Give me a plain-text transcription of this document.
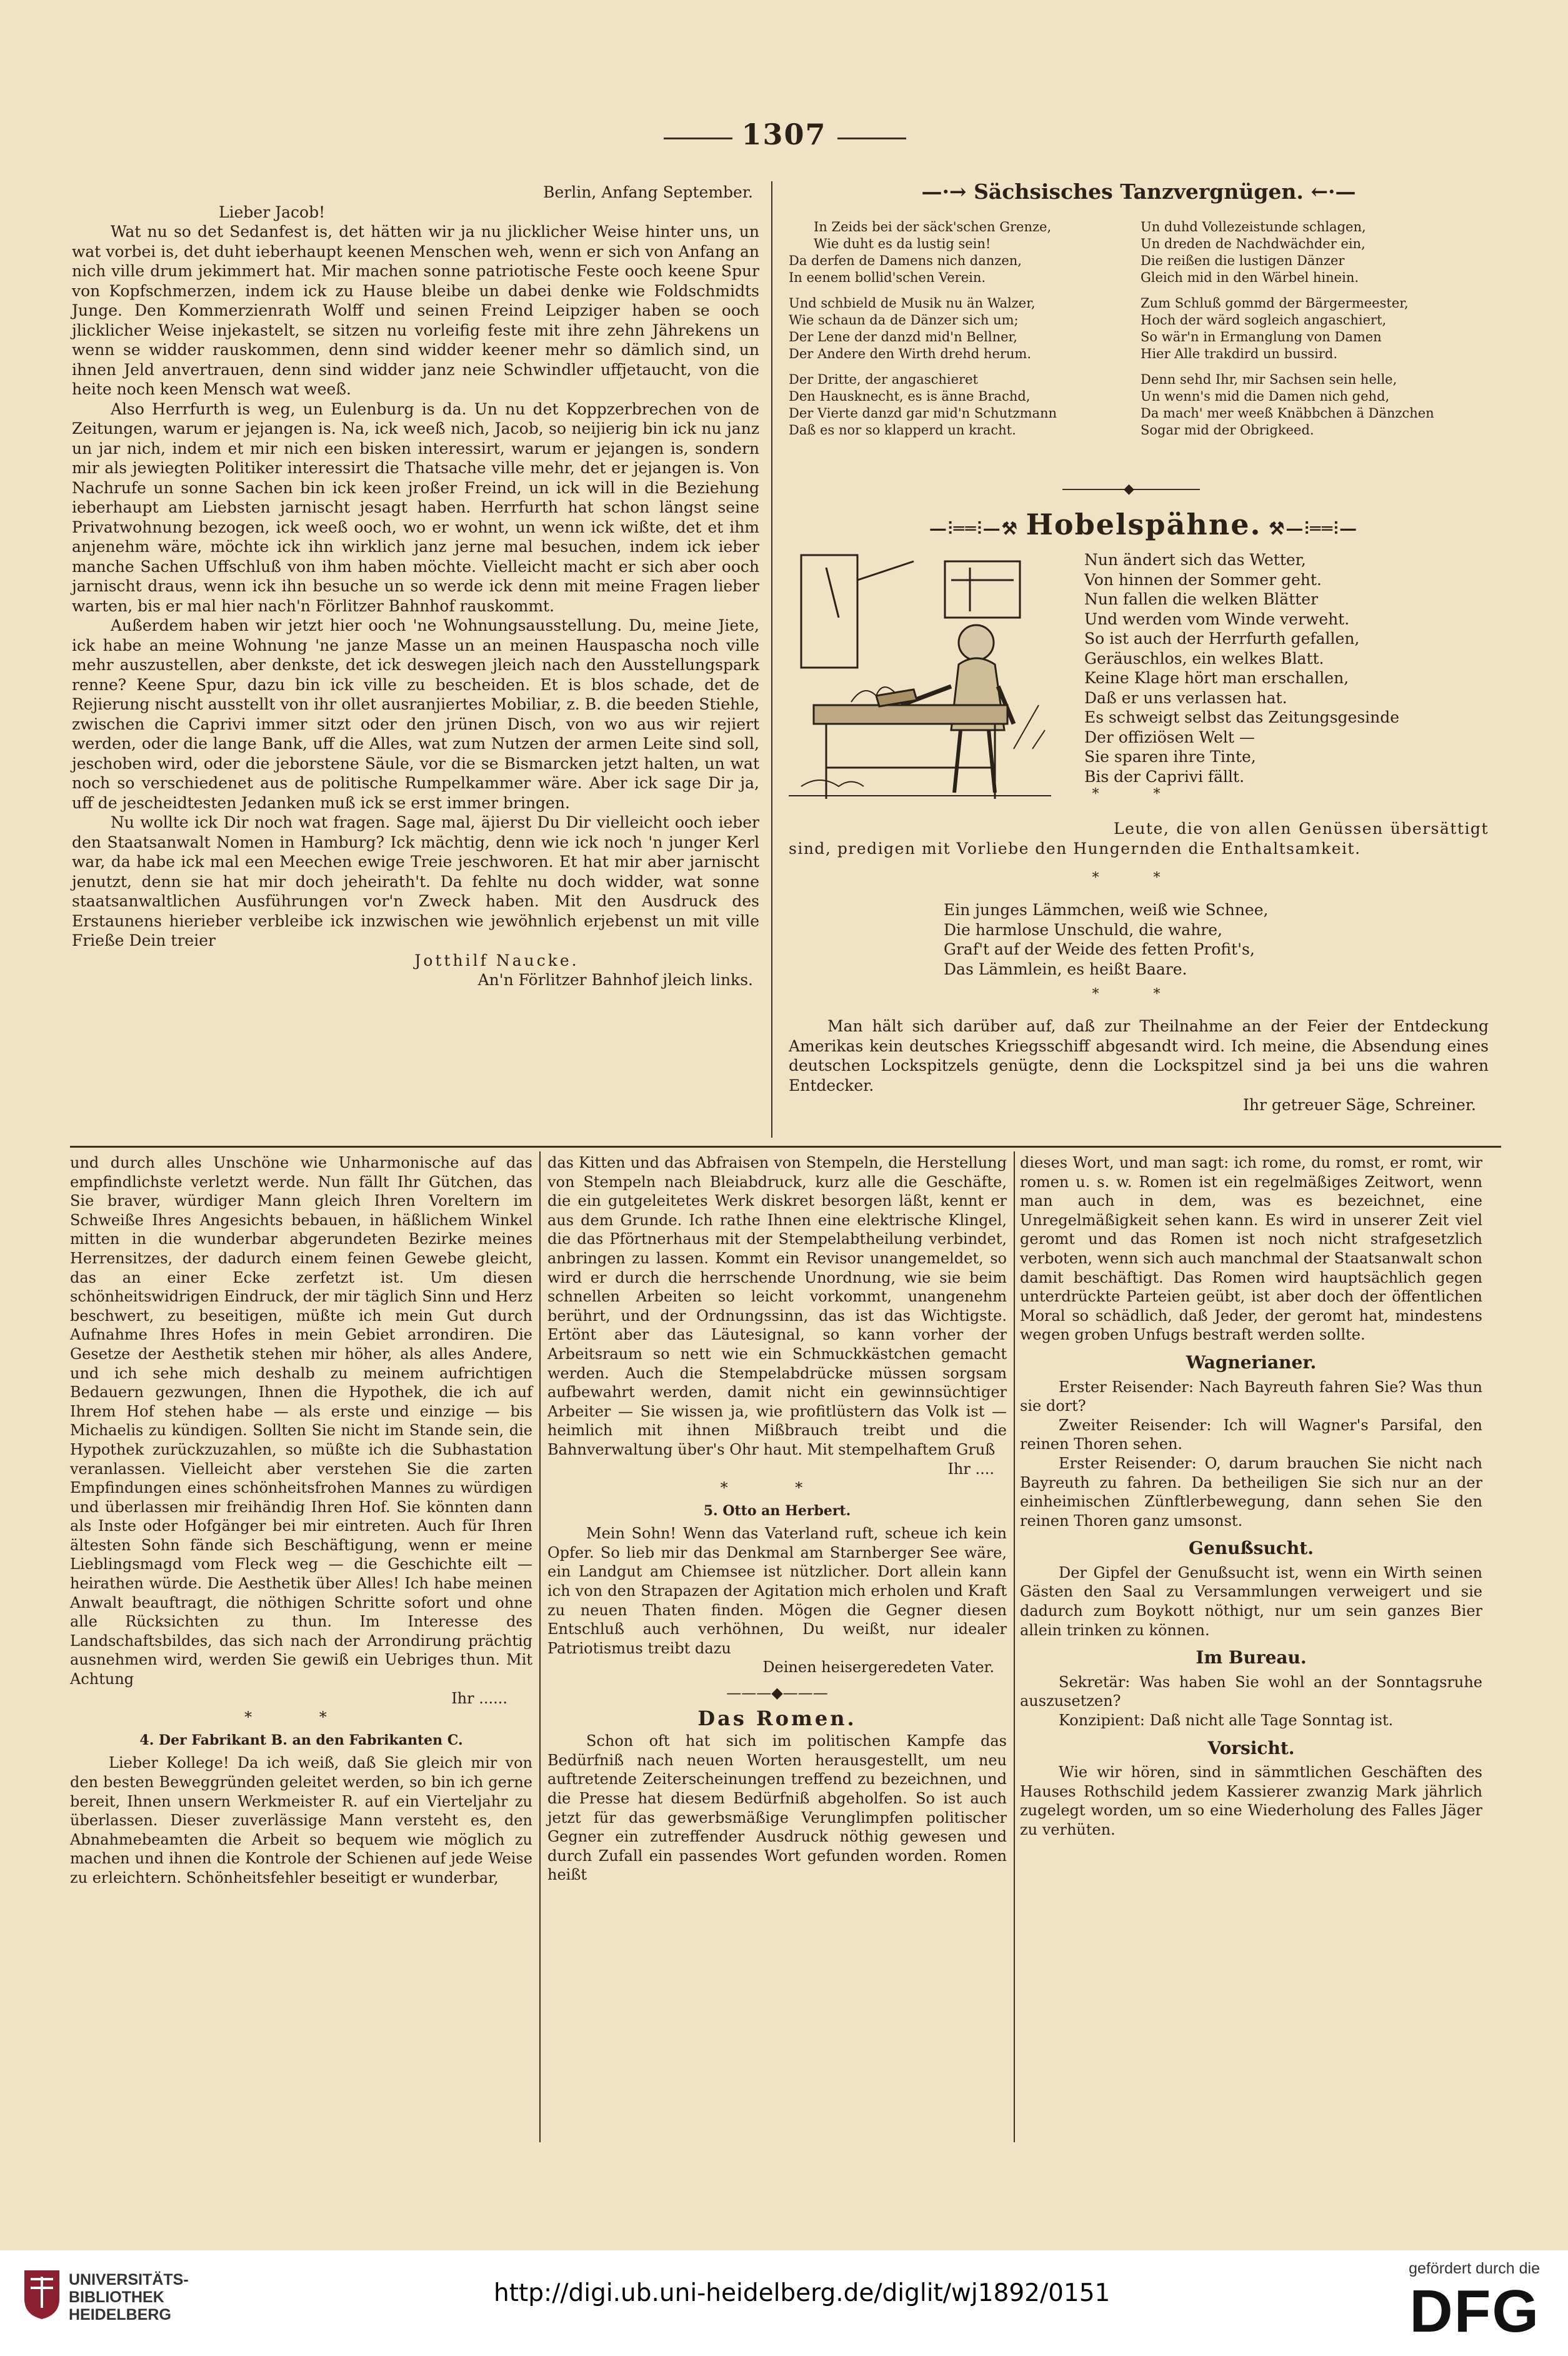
1307

Berlin, Anfang September.

Lieber Jacob!

Wat nu so det Sedanfest is, det hätten wir ja nu jlicklicher Weise hinter uns, un wat vorbei is, det duht ieberhaupt keenen Menschen weh, wenn er sich von Anfang an nich ville drum jekimmert hat. Mir machen sonne patriotische Feste ooch keene Spur von Kopfschmerzen, indem ick zu Hause bleibe un dabei denke wie Foldschmidts Junge. Den Kommerzienrath Wolff und seinen Freind Leipziger haben se ooch jlicklicher Weise injekastelt, se sitzen nu vorleifig feste mit ihre zehn Jährekens un wenn se widder rauskommen, denn sind widder keener mehr so dämlich sind, un ihnen Jeld anvertrauen, denn sind widder janz neie Schwindler uffjetaucht, von die heite noch keen Mensch wat weeß.

Also Herrfurth is weg, un Eulenburg is da. Un nu det Koppzerbrechen von de Zeitungen, warum er jejangen is. Na, ick weeß nich, Jacob, so neijierig bin ick nu janz un jar nich, indem et mir nich een bisken interessirt, warum er jejangen is, sondern mir als jewiegten Politiker interessirt die Thatsache ville mehr, det er jejangen is. Von Nachrufe un sonne Sachen bin ick keen jroßer Freind, un ick will in die Beziehung ieberhaupt am Liebsten jarnischt jesagt haben. Herrfurth hat schon längst seine Privatwohnung bezogen, ick weeß ooch, wo er wohnt, un wenn ick wißte, det et ihm anjenehm wäre, möchte ick ihn wirklich janz jerne mal besuchen, indem ick ieber manche Sachen Uffschluß von ihm haben möchte. Vielleicht macht er sich aber ooch jarnischt draus, wenn ick ihn besuche un so werde ick denn mit meine Fragen lieber warten, bis er mal hier nach'n Förlitzer Bahnhof rauskommt.

Außerdem haben wir jetzt hier ooch 'ne Wohnungsausstellung. Du, meine Jiete, ick habe an meine Wohnung 'ne janze Masse un an meinen Hauspascha noch ville mehr auszustellen, aber denkste, det ick deswegen jleich nach den Ausstellungspark renne? Keene Spur, dazu bin ick ville zu bescheiden. Et is blos schade, det de Rejierung nischt ausstellt von ihr ollet ausranjiertes Mobiliar, z. B. die beeden Stiehle, zwischen die Caprivi immer sitzt oder den jrünen Disch, von wo aus wir rejiert werden, oder die lange Bank, uff die Alles, wat zum Nutzen der armen Leite sind soll, jeschoben wird, oder die jeborstene Säule, vor die se Bismarcken jetzt halten, un wat noch so verschiedenet aus de politische Rumpelkammer wäre. Aber ick sage Dir ja, uff de jescheidtesten Jedanken muß ick se erst immer bringen.

Nu wollte ick Dir noch wat fragen. Sage mal, äjierst Du Dir vielleicht ooch ieber den Staatsanwalt Nomen in Hamburg? Ick mächtig, denn wie ick noch 'n junger Kerl war, da habe ick mal een Meechen ewige Treie jeschworen. Et hat mir aber jarnischt jenutzt, denn sie hat mir doch jeheirath't. Da fehlte nu doch widder, wat sonne staatsanwaltlichen Ausführungen vor'n Zweck haben. Mit den Ausdruck des Erstaunens hierieber verbleibe ick inzwischen wie jewöhnlich erjebenst un mit ville Frieße Dein treier

Jotthilf Naucke.

An'n Förlitzer Bahnhof jleich links.

—·→ Sächsisches Tanzvergnügen. ←·—

In Zeids bei der säck'schen Grenze,

Wie duht es da lustig sein!

Da derfen de Damens nich danzen,

In eenem bollid'schen Verein.

Und schbield de Musik nu än Walzer,

Wie schaun da de Dänzer sich um;

Der Lene der danzd mid'n Bellner,

Der Andere den Wirth drehd herum.

Der Dritte, der angaschieret

Den Hausknecht, es is änne Brachd,

Der Vierte danzd gar mid'n Schutzmann

Daß es nor so klapperd un kracht.

Un duhd Vollezeistunde schlagen,

Un dreden de Nachdwächder ein,

Die reißen die lustigen Dänzer

Gleich mid in den Wärbel hinein.

Zum Schluß gommd der Bärgermeester,

Hoch der wärd sogleich angaschiert,

So wär'n in Ermanglung von Damen

Hier Alle trakdird un bussird.

Denn sehd Ihr, mir Sachsen sein helle,

Un wenn's mid die Damen nich gehd,

Da mach' mer weeß Knäbbchen ä Dänzchen

Sogar mid der Obrigkeed.

◆
—⫶══⫶—⚒ Hobelspähne. ⚒—⫶══⫶—

Nun ändert sich das Wetter,

Von hinnen der Sommer geht.

Nun fallen die welken Blätter

Und werden vom Winde verweht.

So ist auch der Herrfurth gefallen,

Geräuschlos, ein welkes Blatt.

Keine Klage hört man erschallen,

Daß er uns verlassen hat.

Es schweigt selbst das Zeitungsgesinde

Der offiziösen Welt —

Sie sparen ihre Tinte,

Bis der Caprivi fällt.

* *

Leute, die von allen Genüssen übersättigt sind, predigen mit Vorliebe den Hungernden die Enthaltsamkeit.

* *

Ein junges Lämmchen, weiß wie Schnee,

Die harmlose Unschuld, die wahre,

Graf't auf der Weide des fetten Profit's,

Das Lämmlein, es heißt Baare.

* *

Man hält sich darüber auf, daß zur Theilnahme an der Feier der Entdeckung Amerikas kein deutsches Kriegsschiff abgesandt wird. Ich meine, die Absendung eines deutschen Lockspitzels genügte, denn die Lockspitzel sind ja bei uns die wahren Entdecker.

Ihr getreuer Säge, Schreiner.

und durch alles Unschöne wie Unharmonische auf das empfindlichste verletzt werde. Nun fällt Ihr Gütchen, das Sie braver, würdiger Mann gleich Ihren Voreltern im Schweiße Ihres Angesichts bebauen, in häßlichem Winkel mitten in die wunderbar abgerundeten Bezirke meines Herrensitzes, der dadurch einem feinen Gewebe gleicht, das an einer Ecke zerfetzt ist. Um diesen schönheitswidrigen Eindruck, der mir täglich Sinn und Herz beschwert, zu beseitigen, müßte ich mein Gut durch Aufnahme Ihres Hofes in mein Gebiet arrondiren. Die Gesetze der Aesthetik stehen mir höher, als alles Andere, und ich sehe mich deshalb zu meinem aufrichtigen Bedauern gezwungen, Ihnen die Hypothek, die ich auf Ihrem Hof stehen habe — als erste und einzige — bis Michaelis zu kündigen. Sollten Sie nicht im Stande sein, die Hypothek zurückzuzahlen, so müßte ich die Subhastation veranlassen. Vielleicht aber verstehen Sie die zarten Empfindungen eines schönheitsfrohen Mannes zu würdigen und überlassen mir freihändig Ihren Hof. Sie könnten dann als Inste oder Hofgänger bei mir eintreten. Auch für Ihren ältesten Sohn fände sich Beschäftigung, wenn er meine Lieblingsmagd vom Fleck weg — die Geschichte eilt — heirathen würde. Die Aesthetik über Alles! Ich habe meinen Anwalt beauftragt, die nöthigen Schritte sofort und ohne alle Rücksichten zu thun. Im Interesse des Landschaftsbildes, das sich nach der Arrondirung prächtig ausnehmen wird, werden Sie gewiß ein Uebriges thun. Mit Achtung

Ihr ......

* *

4. Der Fabrikant B. an den Fabrikanten C.

Lieber Kollege! Da ich weiß, daß Sie gleich mir von den besten Beweggründen geleitet werden, so bin ich gerne bereit, Ihnen unsern Werkmeister R. auf ein Vierteljahr zu überlassen. Dieser zuverlässige Mann versteht es, den Abnahmebeamten die Arbeit so bequem wie möglich zu machen und ihnen die Kontrole der Schienen auf jede Weise zu erleichtern. Schönheitsfehler beseitigt er wunderbar,

das Kitten und das Abfraisen von Stempeln, die Herstellung von Stempeln nach Bleiabdruck, kurz alle die Geschäfte, die ein gutgeleitetes Werk diskret besorgen läßt, kennt er aus dem Grunde. Ich rathe Ihnen eine elektrische Klingel, die das Pförtnerhaus mit der Stempelabtheilung verbindet, anbringen zu lassen. Kommt ein Revisor unangemeldet, so wird er durch die herrschende Unordnung, wie sie beim schnellen Arbeiten so leicht vorkommt, unangenehm berührt, und der Ordnungssinn, das ist das Wichtigste. Ertönt aber das Läutesignal, so kann vorher der Arbeitsraum so nett wie ein Schmuckkästchen gemacht werden. Auch die Stempelabdrücke müssen sorgsam aufbewahrt werden, damit nicht ein gewinnsüchtiger Arbeiter — Sie wissen ja, wie profitlüstern das Volk ist — heimlich mit ihnen Mißbrauch treibt und die Bahnverwaltung über's Ohr haut. Mit stempelhaftem Gruß

Ihr ....

* *

5. Otto an Herbert.

Mein Sohn! Wenn das Vaterland ruft, scheue ich kein Opfer. So lieb mir das Denkmal am Starnberger See wäre, ein Landgut am Chiemsee ist nützlicher. Dort allein kann ich von den Strapazen der Agitation mich erholen und Kraft zu neuen Thaten finden. Mögen die Gegner diesen Entschluß auch verhöhnen, Du weißt, nur idealer Patriotismus treibt dazu

Deinen heisergeredeten Vater.

———◆———

Das Romen.

Schon oft hat sich im politischen Kampfe das Bedürfniß nach neuen Worten herausgestellt, um neu auftretende Zeiterscheinungen treffend zu bezeichnen, und die Presse hat diesem Bedürfniß abgeholfen. So ist auch jetzt für das gewerbsmäßige Verunglimpfen politischer Gegner ein zutreffender Ausdruck nöthig gewesen und durch Zufall ein passendes Wort gefunden worden. Romen heißt

dieses Wort, und man sagt: ich rome, du romst, er romt, wir romen u. s. w. Romen ist ein regelmäßiges Zeitwort, wenn man auch in dem, was es bezeichnet, eine Unregelmäßigkeit sehen kann. Es wird in unserer Zeit viel geromt und das Romen ist noch nicht strafgesetzlich verboten, wenn sich auch manchmal der Staatsanwalt schon damit beschäftigt. Das Romen wird hauptsächlich gegen unterdrückte Parteien geübt, ist aber doch der öffentlichen Moral so schädlich, daß Jeder, der geromt hat, mindestens wegen groben Unfugs bestraft werden sollte.

Wagnerianer.

Erster Reisender: Nach Bayreuth fahren Sie? Was thun sie dort?

Zweiter Reisender: Ich will Wagner's Parsifal, den reinen Thoren sehen.

Erster Reisender: O, darum brauchen Sie nicht nach Bayreuth zu fahren. Da betheiligen Sie sich nur an der einheimischen Zünftlerbewegung, dann sehen Sie den reinen Thoren ganz umsonst.

Genußsucht.

Der Gipfel der Genußsucht ist, wenn ein Wirth seinen Gästen den Saal zu Versammlungen verweigert und sie dadurch zum Boykott nöthigt, nur um sein ganzes Bier allein trinken zu können.

Im Bureau.

Sekretär: Was haben Sie wohl an der Sonntagsruhe auszusetzen?

Konzipient: Daß nicht alle Tage Sonntag ist.

Vorsicht.

Wie wir hören, sind in sämmtlichen Geschäften des Hauses Rothschild jedem Kassierer zwanzig Mark jährlich zugelegt worden, um so eine Wiederholung des Falles Jäger zu verhüten.

UNIVERSITÄTS-
BIBLIOTHEK
HEIDELBERG
http://digi.ub.uni-heidelberg.de/diglit/wj1892/0151
gefördert durch die
DFG
